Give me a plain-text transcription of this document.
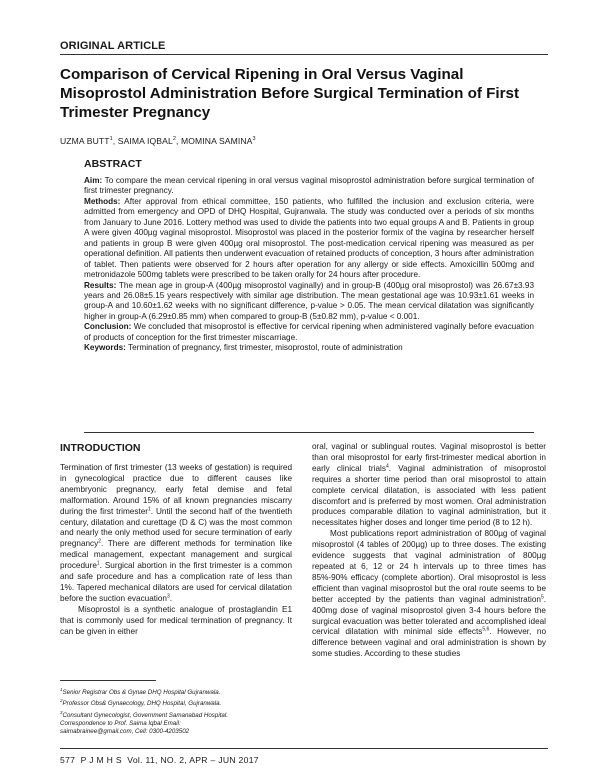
ORIGINAL ARTICLE
Comparison of Cervical Ripening in Oral Versus Vaginal Misoprostol Administration Before Surgical Termination of First Trimester Pregnancy
UZMA BUTT$^1$, SAIMA IQBAL$^2$, MOMINA SAMINA$^3$
ABSTRACT

Aim: To compare the mean cervical ripening in oral versus vaginal misoprostol administration before surgical termination of first trimester pregnancy.

Methods: After approval from ethical committee, 150 patients, who fulfilled the inclusion and exclusion criteria, were admitted from emergency and OPD of DHQ Hospital, Gujranwala. The study was conducted over a periods of six months from January to June 2016. Lottery method was used to divide the patients into two equal groups A and B. Patients in group A were given 400µg vaginal misoprostol. Misoprostol was placed in the posterior formix of the vagina by researcher herself and patients in group B were given 400µg oral misoprostol. The post-medication cervical ripening was measured as per operational definition. All patients then underwent evacuation of retained products of conception, 3 hours after administration of tablet. Then patients were observed for 2 hours after operation for any allergy or side effects. Amoxicillin 500mg and metronidazole 500mg tablets were prescribed to be taken orally for 24 hours after procedure.

Results: The mean age in group-A (400µg misoprostol vaginally) and in group-B (400µg oral misoprostol) was 26.67±3.93 years and 26.08±5.15 years respectively with similar age distribution. The mean gestational age was 10.93±1.61 weeks in group-A and 10.60±1.62 weeks with no significant difference, p-value > 0.05. The mean cervical dilatation was significantly higher in group-A (6.29±0.85 mm) when compared to group-B (5±0.82 mm), p-value < 0.001.

Conclusion: We concluded that misoprostol is effective for cervical ripening when administered vaginally before evacuation of products of conception for the first trimester miscarriage.

Keywords: Termination of pregnancy, first trimester, misoprostol, route of administration

INTRODUCTION

Termination of first trimester (13 weeks of gestation) is required in gynecological practice due to different causes like anembryonic pregnancy, early fetal demise and fetal malformation. Around 15% of all known pregnancies miscarry during the first trimester$^1$. Until the second half of the twentieth century, dilatation and curettage (D & C) was the most common and nearly the only method used for secure termination of early pregnancy$^2$. There are different methods for termination like medical management, expectant management and surgical procedure$^1$. Surgical abortion in the first trimester is a common and safe procedure and has a complication rate of less than 1%. Tapered mechanical dilators are used for cervical dilatation before the suction evacuation$^3$.

Misoprostol is a synthetic analogue of prostaglandin E1 that is commonly used for medical termination of pregnancy. It can be given in either

oral, vaginal or sublingual routes. Vaginal misoprostol is better than oral misoprostol for early first-trimester medical abortion in early clinical trials$^4$. Vaginal administration of misoprostol requires a shorter time period than oral misoprostol to attain complete cervical dilatation, is associated with less patient discomfort and is preferred by most women. Oral administration produces comparable dilation to vaginal administration, but it necessitates higher doses and longer time period (8 to 12 h).

Most publications report administration of 800µg of vaginal misoprostol (4 tables of 200µg) up to three doses. The existing evidence suggests that vaginal administration of 800µg repeated at 6, 12 or 24 h intervals up to three times has 85%-90% efficacy (complete abortion). Oral misoprostol is less efficient than vaginal misoprostol but the oral route seems to be better accepted by the patients than vaginal administration$^5$. 400mg dose of vaginal misoprostol given 3-4 hours before the surgical evacuation was better tolerated and accomplished ideal cervical dilatation with minimal side effects$^{5,6}$. However, no difference between vaginal and oral administration is shown by some studies. According to these studies

$^1$Senior Registrar Obs & Gynae DHQ Hospital Gujranwala.
$^2$Professor Obs& Gynaecology, DHQ Hospital, Gujranwala.
$^3$Consultant Gynecologist, Government Samanabad Hospital.
Correspondence to Prof. Saima Iqbal Email:
saimabrainee@gmail.com, Cell: 0300-4203502
577 P J M H S Vol. 11, NO. 2, APR – JUN 2017
